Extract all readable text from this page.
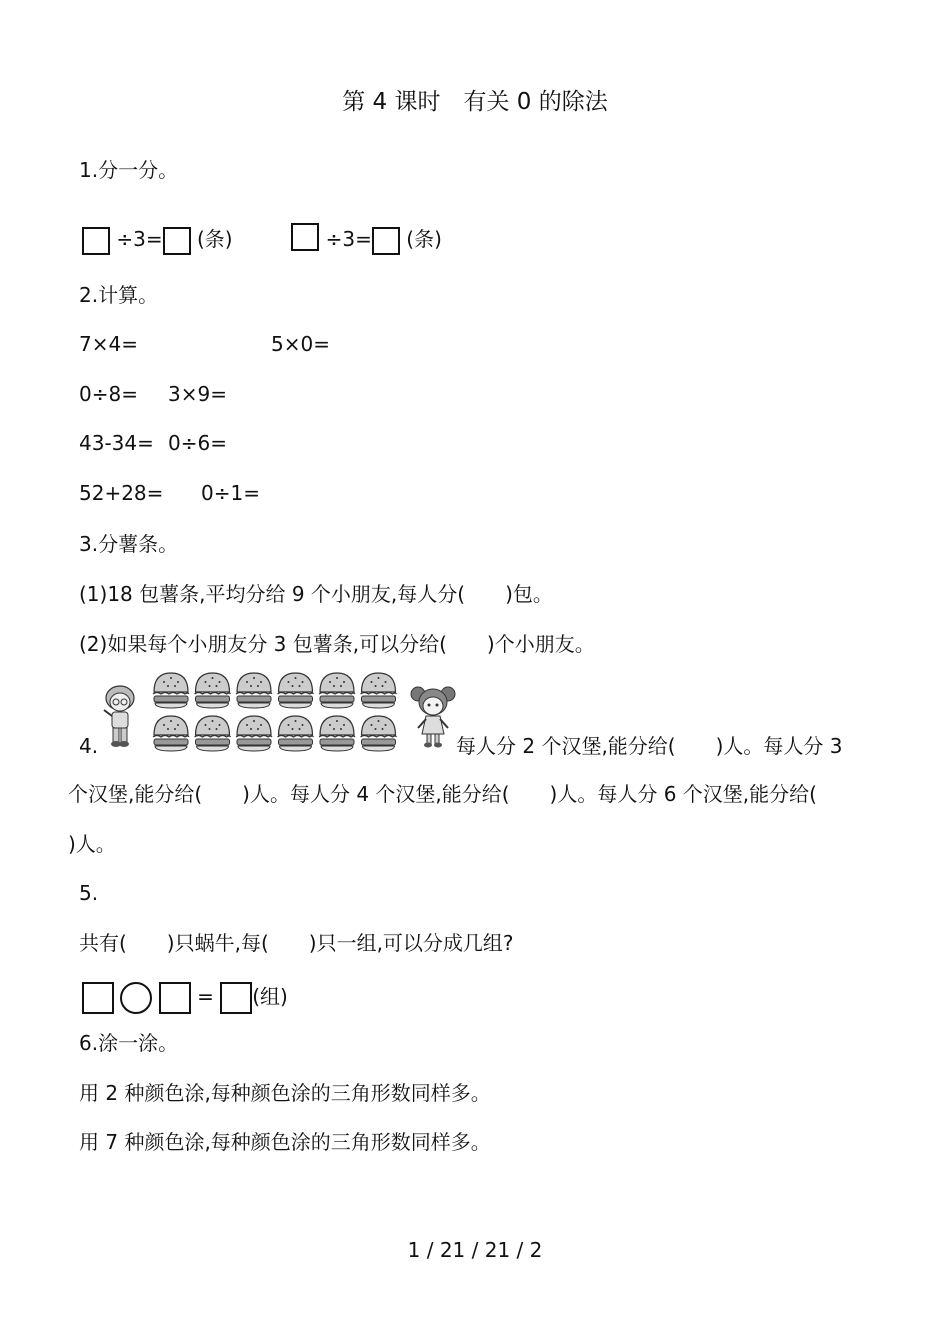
第 4 课时　有关 0 的除法
1.分一分。
÷3= (条)	÷3= (条)
2.计算。
7×4=	5×0=
0÷8= 3×9=
43-34= 0÷6=
52+28= 0÷1=
3.分薯条。
(1)18 包薯条,平均分给 9 个小朋友,每人分(　　)包。
(2)如果每个小朋友分 3 包薯条,可以分给(　　)个小朋友。
4.	每人分 2 个汉堡,能分给(　　)人。每人分 3
个汉堡,能分给(　　)人。每人分 4 个汉堡,能分给(　　)人。每人分 6 个汉堡,能分给(
)人。
5.
共有(　　)只蜗牛,每(　　)只一组,可以分成几组?
= (组)
6.涂一涂。
用 2 种颜色涂,每种颜色涂的三角形数同样多。
用 7 种颜色涂,每种颜色涂的三角形数同样多。
1 / 21 / 21 / 2
